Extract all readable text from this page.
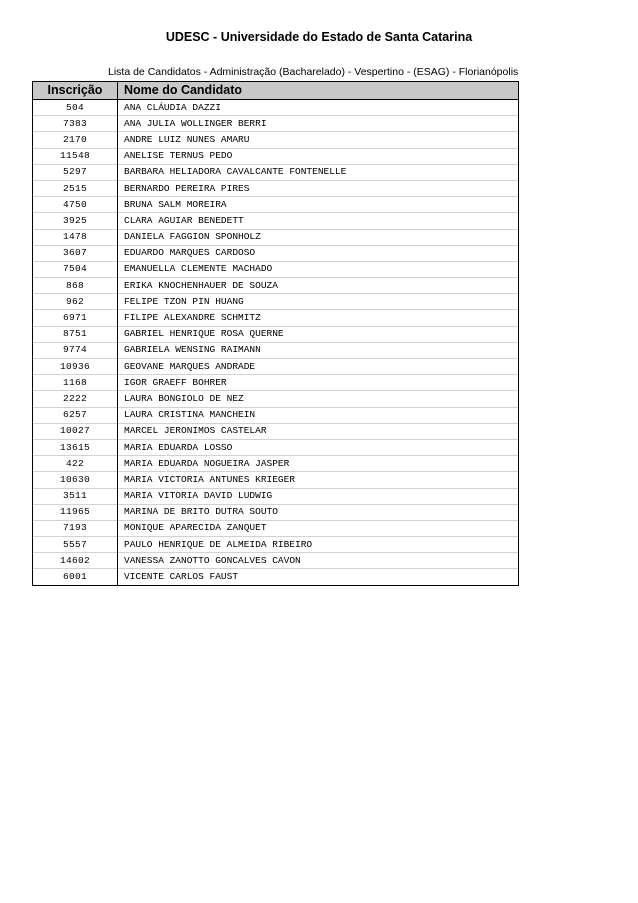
UDESC - Universidade do Estado de Santa Catarina
Lista de Candidatos - Administração (Bacharelado) - Vespertino - (ESAG) - Florianópolis
Inscrição	Nome do Candidato
504	ANA CLÁUDIA DAZZI
7383	ANA JULIA WOLLINGER BERRI
2170	ANDRE LUIZ NUNES AMARU
11548	ANELISE TERNUS PEDO
5297	BARBARA HELIADORA CAVALCANTE FONTENELLE
2515	BERNARDO PEREIRA PIRES
4750	BRUNA SALM MOREIRA
3925	CLARA AGUIAR BENEDETT
1478	DANIELA FAGGION SPONHOLZ
3607	EDUARDO MARQUES CARDOSO
7504	EMANUELLA CLEMENTE MACHADO
868	ERIKA KNOCHENHAUER DE SOUZA
962	FELIPE TZON PIN HUANG
6971	FILIPE ALEXANDRE SCHMITZ
8751	GABRIEL HENRIQUE ROSA QUERNE
9774	GABRIELA WENSING RAIMANN
10936	GEOVANE MARQUES ANDRADE
1168	IGOR GRAEFF BOHRER
2222	LAURA BONGIOLO DE NEZ
6257	LAURA CRISTINA MANCHEIN
10027	MARCEL JERONIMOS CASTELAR
13615	MARIA EDUARDA LOSSO
422	MARIA EDUARDA NOGUEIRA JASPER
10630	MARIA VICTORIA ANTUNES KRIEGER
3511	MARIA VITORIA DAVID LUDWIG
11965	MARINA DE BRITO DUTRA SOUTO
7193	MONIQUE APARECIDA ZANQUET
5557	PAULO HENRIQUE DE ALMEIDA RIBEIRO
14602	VANESSA ZANOTTO GONCALVES CAVON
6001	VICENTE CARLOS FAUST
